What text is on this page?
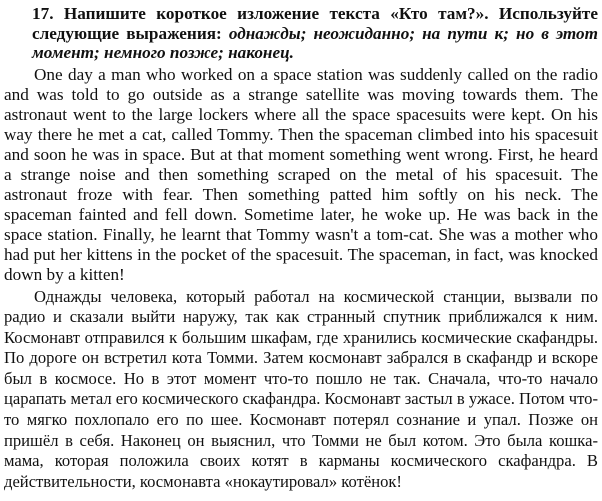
17. Напишите короткое изложение текста «Кто там?». Используйте следующие выражения: однажды; неожиданно; на пути к; но в этот момент; немного позже; наконец.

One day a man who worked on a space station was suddenly called on the radio and was told to go outside as a strange satellite was moving towards them. The astronaut went to the large lockers where all the space spacesuits were kept. On his way there he met a cat, called Tommy. Then the spaceman climbed into his spacesuit and soon he was in space. But at that moment something went wrong. First, he heard a strange noise and then something scraped on the metal of his spacesuit. The astronaut froze with fear. Then something patted him softly on his neck. The spaceman fainted and fell down. Sometime later, he woke up. He was back in the space station. Finally, he learnt that Tommy wasn't a tom-cat. She was a mother who had put her kittens in the pocket of the spacesuit. The spaceman, in fact, was knocked down by a kitten!

Однажды человека, который работал на космической станции, вызвали по радио и сказали выйти наружу, так как странный спутник приближался к ним. Космонавт отправился к большим шкафам, где хранились космические скафандры. По дороге он встретил кота Томми. Затем космонавт забрался в скафандр и вскоре был в космосе. Но в этот момент что-то пошло не так. Сначала, что-то начало царапать метал его космического скафандра. Космонавт застыл в ужасе. Потом что-то мягко похлопало его по шее. Космонавт потерял сознание и упал. Позже он пришёл в себя. Наконец он выяснил, что Томми не был котом. Это была кошка-мама, которая положила своих котят в карманы космического скафандра. В действительности, космонавта «нокаутировал» котёнок!
